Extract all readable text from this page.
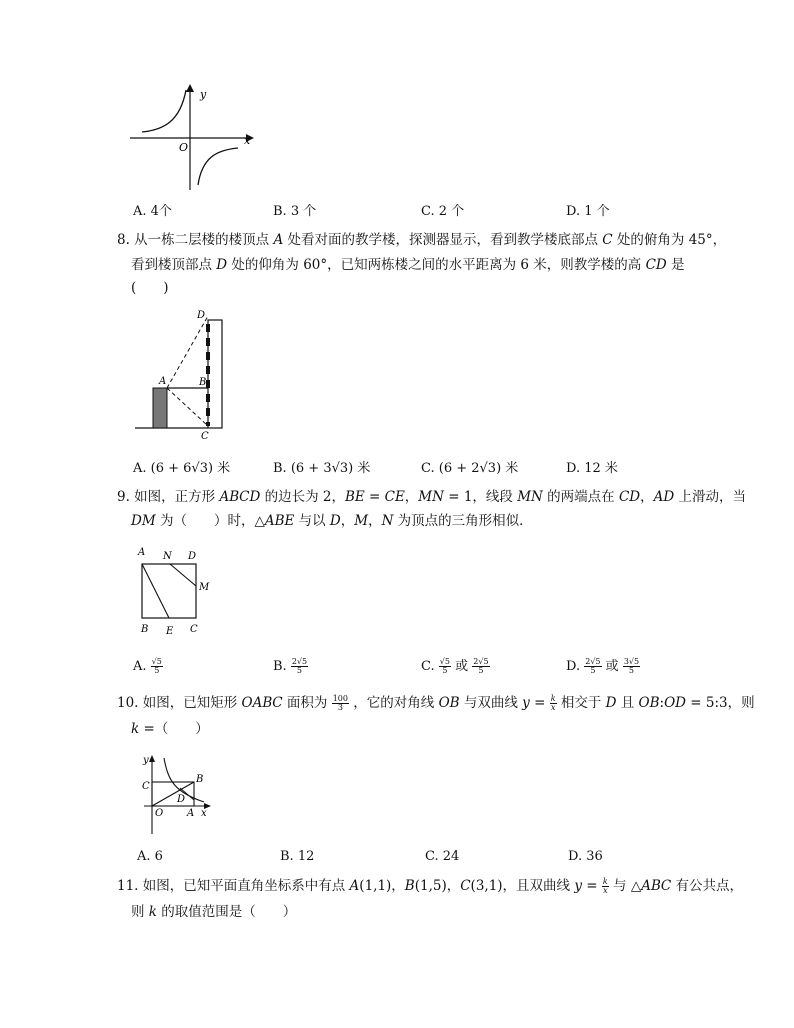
y
x
O
A. 4个	B. 3 个	C. 2 个	D. 1 个
8. 从一栋二层楼的楼顶点 𝐴 处看对面的教学楼，探测器显示，看到教学楼底部点 𝐶 处的俯角为 45°，
看到楼顶部点 𝐷 处的仰角为 60°，已知两栋楼之间的水平距离为 6 米，则教学楼的高 𝐶𝐷 是
(　　)
D
A	B
C
A. (6 + 6√3) 米	B. (6 + 3√3) 米	C. (6 + 2√3) 米	D. 12 米
9. 如图，正方形 𝐴𝐵𝐶𝐷 的边长为 2，𝐵𝐸 = 𝐶𝐸，𝑀𝑁 = 1，线段 𝑀𝑁 的两端点在 𝐶𝐷，𝐴𝐷 上滑动，当
𝐷𝑀 为（　　）时，△𝐴𝐵𝐸 与以 𝐷，𝑀，𝑁 为顶点的三角形相似．
A N D
M
B E C
A. $\frac{√5}{5}$	B. $\frac{2√5}{5}$	C. $\frac{√5}{5}$ 或 $\frac{2√5}{5}$	D. $\frac{2√5}{5}$ 或 $\frac{3√5}{5}$
10. 如图，已知矩形 𝑂𝐴𝐵𝐶 面积为 $\frac{100}{3}$ ，它的对角线 𝑂𝐵 与双曲线 𝑦 = $\frac{k}{x}$ 相交于 𝐷 且 𝑂𝐵:𝑂𝐷 = 5:3，则
𝑘 =（　　）
y
x
O A
B
C
D
A. 6	B. 12	C. 24	D. 36
11. 如图，已知平面直角坐标系中有点 𝐴(1,1)，𝐵(1,5)，𝐶(3,1)，且双曲线 𝑦 = $\frac{k}{x}$ 与 △𝐴𝐵𝐶 有公共点，
则 𝑘 的取值范围是（　　）
